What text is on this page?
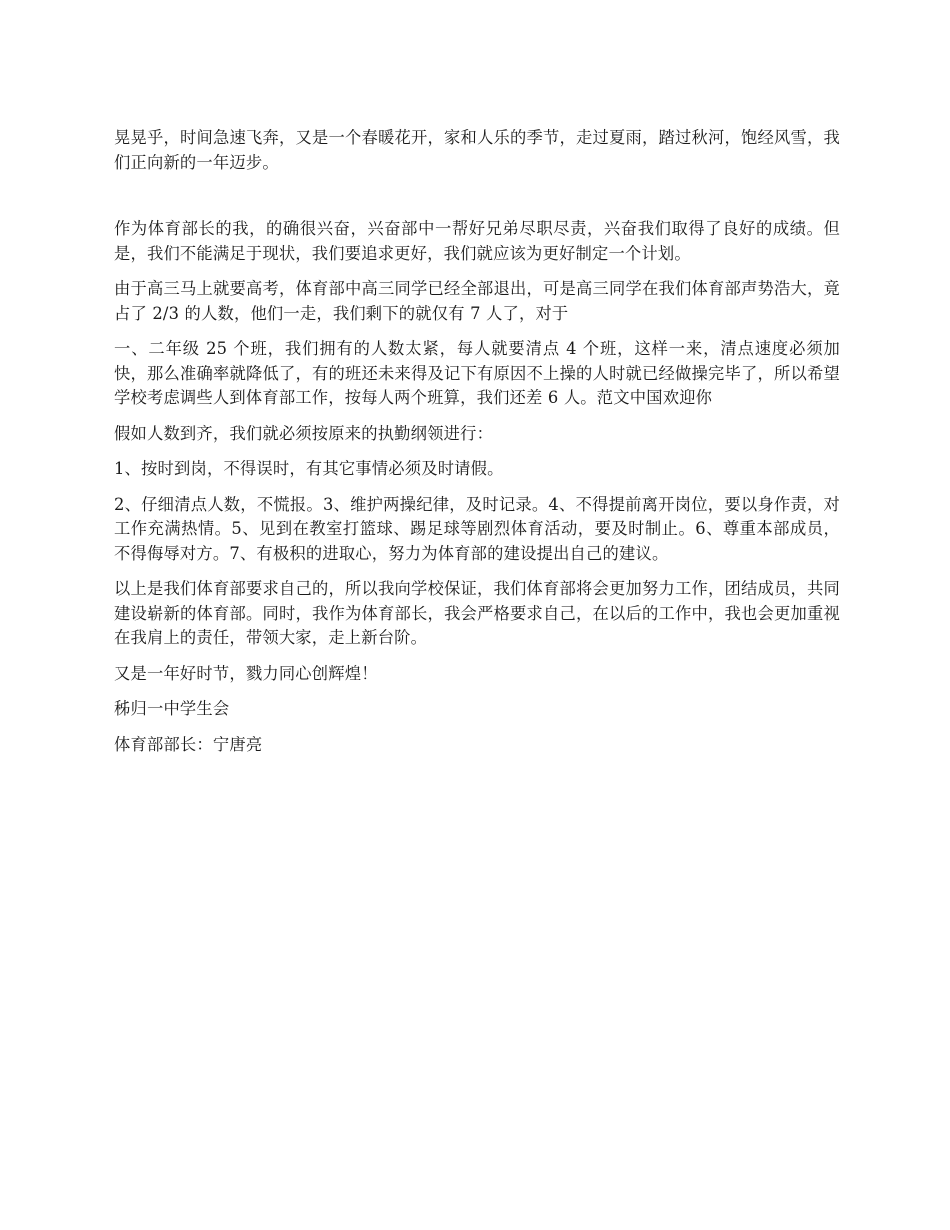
晃晃乎，时间急速飞奔，又是一个春暖花开，家和人乐的季节，走过夏雨，踏过秋河，饱经风雪，我们正向新的一年迈步。

作为体育部长的我，的确很兴奋，兴奋部中一帮好兄弟尽职尽责，兴奋我们取得了良好的成绩。但是，我们不能满足于现状，我们要追求更好，我们就应该为更好制定一个计划。

由于高三马上就要高考，体育部中高三同学已经全部退出，可是高三同学在我们体育部声势浩大，竟占了 2/3 的人数，他们一走，我们剩下的就仅有 7 人了，对于

一、二年级 25 个班，我们拥有的人数太紧，每人就要清点 4 个班，这样一来，清点速度必须加快，那么准确率就降低了，有的班还未来得及记下有原因不上操的人时就已经做操完毕了，所以希望学校考虑调些人到体育部工作，按每人两个班算，我们还差 6 人。范文中国欢迎你

假如人数到齐，我们就必须按原来的执勤纲领进行：

1、按时到岗，不得误时，有其它事情必须及时请假。

2、仔细清点人数，不慌报。3、维护两操纪律，及时记录。4、不得提前离开岗位，要以身作责，对工作充满热情。5、见到在教室打篮球、踢足球等剧烈体育活动，要及时制止。6、尊重本部成员，不得侮辱对方。7、有极积的进取心，努力为体育部的建设提出自己的建议。

以上是我们体育部要求自己的，所以我向学校保证，我们体育部将会更加努力工作，团结成员，共同建设崭新的体育部。同时，我作为体育部长，我会严格要求自己，在以后的工作中，我也会更加重视在我肩上的责任，带领大家，走上新台阶。

又是一年好时节，戮力同心创辉煌！

秭归一中学生会

体育部部长：宁唐亮
